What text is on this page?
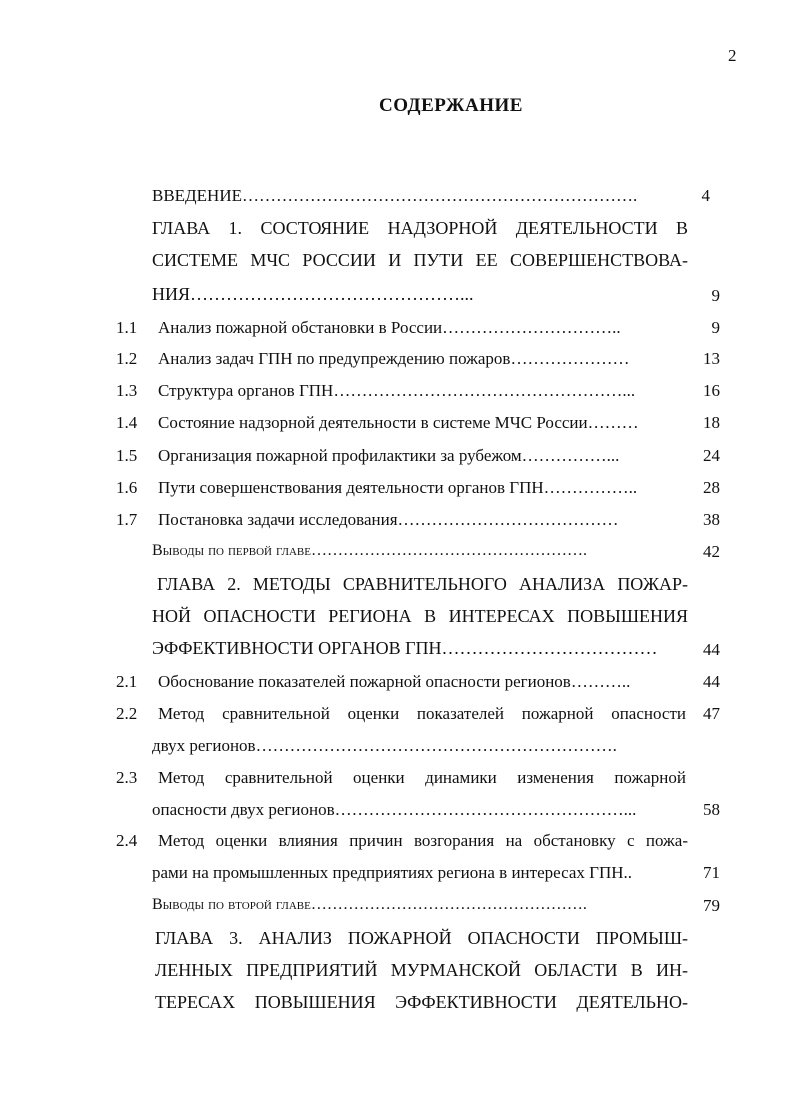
2
СОДЕРЖАНИЕ
ВВЕДЕНИЕ…………………………………………………………….	4
ГЛАВА 1. СОСТОЯНИЕ НАДЗОРНОЙ ДЕЯТЕЛЬНОСТИ В
СИСТЕМЕ МЧС РОССИИ И ПУТИ ЕЕ СОВЕРШЕНСТВОВА-
НИЯ………………………………………...	9
1.1 Анализ пожарной обстановки в России…………………………..	9
1.2 Анализ задач ГПН по предупреждению пожаров…………………	13
1.3 Структура органов ГПН……………………………………………...	16
1.4 Состояние надзорной деятельности в системе МЧС России………	18
1.5 Организация пожарной профилактики за рубежом……………...	24
1.6 Пути совершенствования деятельности органов ГПН……………..	28
1.7 Постановка задачи исследования…………………………………	38
Выводы по первой главе…………………………………………….	42
ГЛАВА 2. МЕТОДЫ СРАВНИТЕЛЬНОГО АНАЛИЗА ПОЖАР-
НОЙ ОПАСНОСТИ РЕГИОНА В ИНТЕРЕСАХ ПОВЫШЕНИЯ
ЭФФЕКТИВНОСТИ ОРГАНОВ ГПН………………………………	44
2.1 Обоснование показателей пожарной опасности регионов………..	44
2.2 Метод сравнительной оценки показателей пожарной опасности	47
двух регионов……………………………………………………….
2.3 Метод сравнительной оценки динамики изменения пожарной
опасности двух регионов……………………………………………...	58
2.4 Метод оценки влияния причин возгорания на обстановку с пожа-
рами на промышленных предприятиях региона в интересах ГПН..	71
Выводы по второй главе…………………………………………….	79
ГЛАВА 3. АНАЛИЗ ПОЖАРНОЙ ОПАСНОСТИ ПРОМЫШ-
ЛЕННЫХ ПРЕДПРИЯТИЙ МУРМАНСКОЙ ОБЛАСТИ В ИН-
ТЕРЕСАХ ПОВЫШЕНИЯ ЭФФЕКТИВНОСТИ ДЕЯТЕЛЬНО-
